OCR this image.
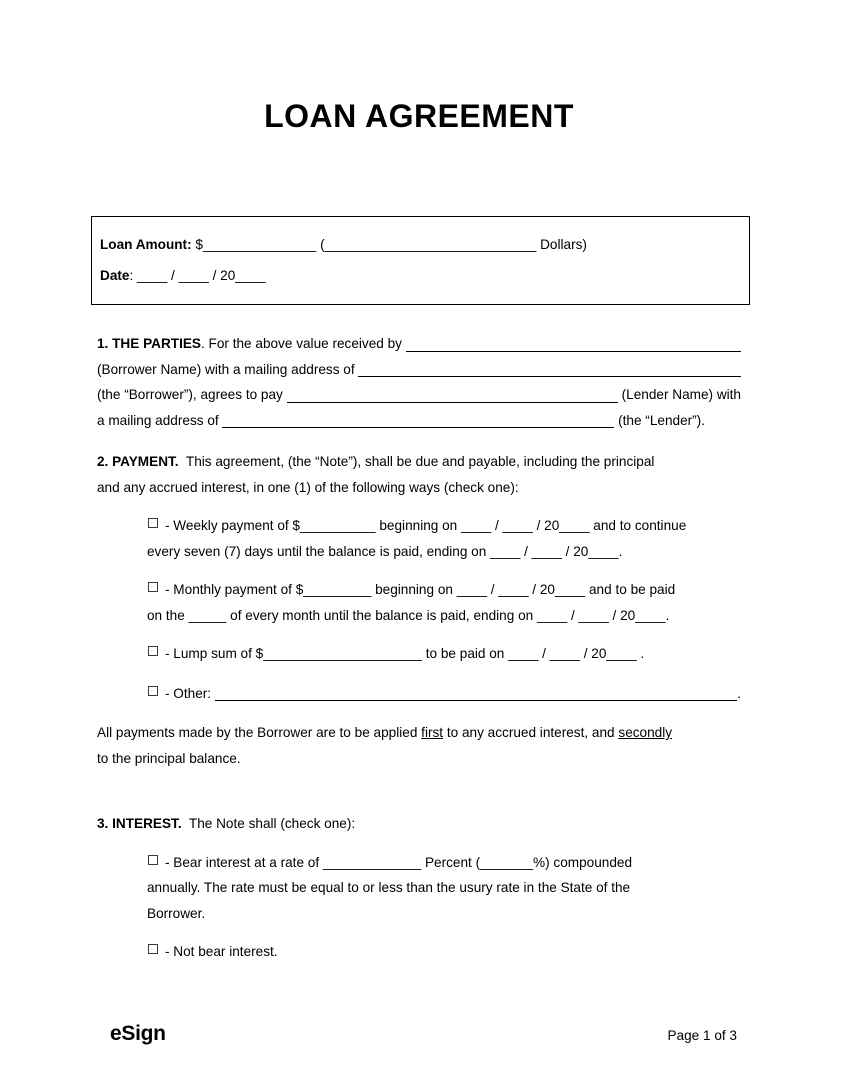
LOAN AGREEMENT
Loan Amount: $_______________ (____________________________ Dollars)
Date : ____ / ____ / 20____
1. THE PARTIES . For the above value received by
(Borrower Name) with a mailing address of
(the “Borrower”), agrees to pay	(Lender Name) with
a mailing address of	(the “Lender”).
2. PAYMENT. This agreement, (the “Note”), shall be due and payable, including the principal
and any accrued interest, in one (1) of the following ways (check one):
- Weekly payment of $__________ beginning on ____ / ____ / 20____ and to continue
every seven (7) days until the balance is paid, ending on ____ / ____ / 20____.
- Monthly payment of $_________ beginning on ____ / ____ / 20____ and to be paid
on the _____ of every month until the balance is paid, ending on ____ / ____ / 20____.
- Lump sum of $_____________________ to be paid on ____ / ____ / 20____ .
- Other:	.
All payments made by the Borrower are to be applied first to any accrued interest, and secondly
to the principal balance.
3. INTEREST. The Note shall (check one):
- Bear interest at a rate of _____________ Percent (_______%) compounded
annually. The rate must be equal to or less than the usury rate in the State of the
Borrower.
- Not bear interest.
eSign	Page 1 of 3
